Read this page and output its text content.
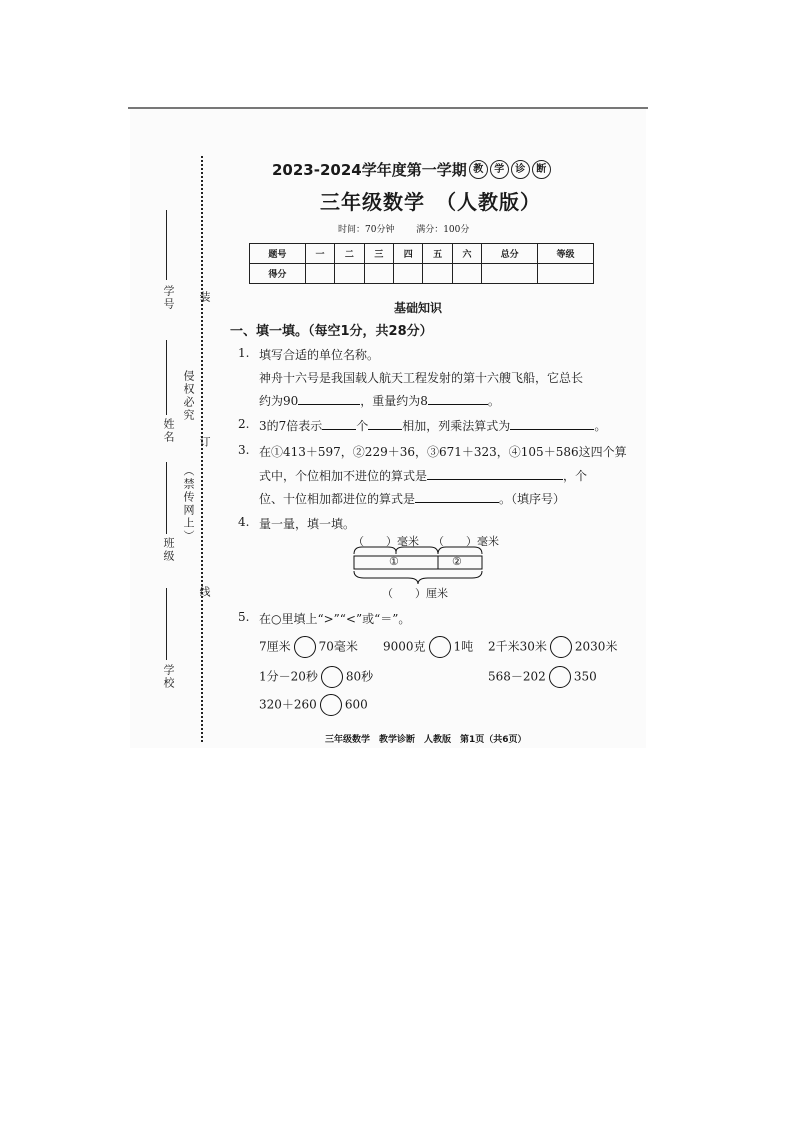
学号 装
姓名
侵权必究
订
（禁传网上）
班级
线
学校
2023-2024学年度第一学期 教	学	诊	断
三年级数学　（人教版）
时间：70分钟 满分：100分
题号	一	二	三	四	五	六	总分	等级
得分								
基础知识
一、填一填。（每空1分，共28分）
1. 填写合适的单位名称。
神舟十六号是我国载人航天工程发射的第十六艘飞船，它总长
约为90	，重量约为8	。
2. 3的7倍表示	个	相加，列乘法算式为	。
3. 在①413＋597，②229＋36，③671＋323，④105＋586这四个算
式中，个位相加不进位的算式是	，个
位、十位相加都进位的算式是	。（填序号）
4. 量一量，填一填。
（　　）毫米 （　　）毫米
①	②
（　　）厘米
5. 在○里填上“>”“<”或“＝”。
7厘米 70毫米 9000克 1吨 2千米30米 2030米
1分－20秒 80秒	568－202 350
320＋260 600
三年级数学　教学诊断　人教版　第1页（共6页）
